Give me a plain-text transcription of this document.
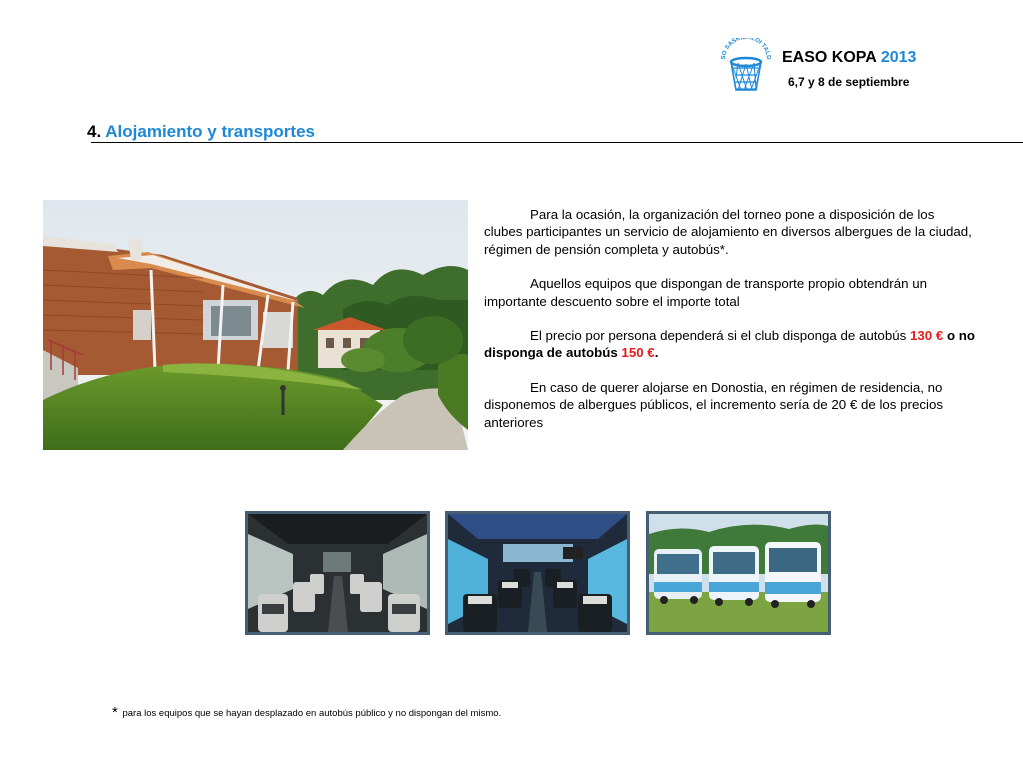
SO SASKIBALOI TALD EASO KOPA 2013
6,7 y 8 de septiembre
4. Alojamiento y transportes

Para la ocasión, la organización del torneo pone a disposición de los clubes participantes un servicio de alojamiento en diversos albergues de la ciudad, régimen de pensión completa y autobús*.

Aquellos equipos que dispongan de transporte propio obtendrán un importante descuento sobre el importe total

El precio por persona dependerá si el club disponga de autobús 130 € o no disponga de autobús 150 €.

En caso de querer alojarse en Donostia, en régimen de residencia, no disponemos de albergues públicos, el incremento sería de 20 € de los precios anteriores

* para los equipos que se hayan desplazado en autobús público y no dispongan del mismo.
